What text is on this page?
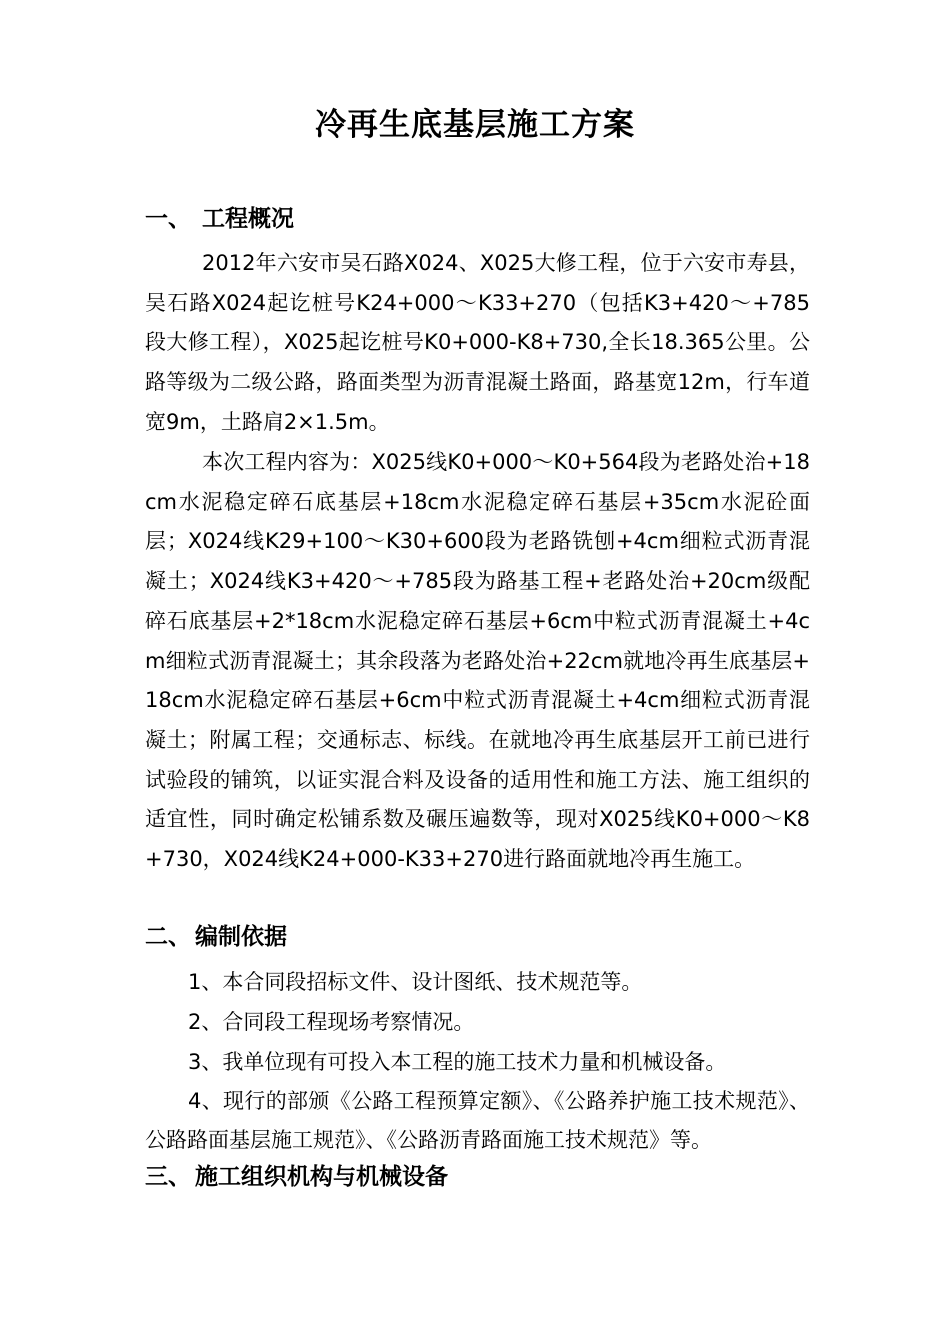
冷再生底基层施工方案
一、 工程概况

2012年六安市吴石路X024、X025大修工程，位于六安市寿县，吴石路X024起讫桩号K24+000～K33+270（包括K3+420～+785段大修工程），X025起讫桩号K0+000-K8+730,全长18.365公里。公路等级为二级公路，路面类型为沥青混凝土路面，路基宽12m，行车道宽9m，土路肩2×1.5m。

本次工程内容为：X025线K0+000～K0+564段为老路处治+18cm水泥稳定碎石底基层+18cm水泥稳定碎石基层+35cm水泥砼面层；X024线K29+100～K30+600段为老路铣刨+4cm细粒式沥青混凝土；X024线K3+420～+785段为路基工程+老路处治+20cm级配碎石底基层+2*18cm水泥稳定碎石基层+6cm中粒式沥青混凝土+4cm细粒式沥青混凝土；其余段落为老路处治+22cm就地冷再生底基层+18cm水泥稳定碎石基层+6cm中粒式沥青混凝土+4cm细粒式沥青混凝土；附属工程；交通标志、标线。在就地冷再生底基层开工前已进行试验段的铺筑，以证实混合料及设备的适用性和施工方法、施工组织的适宜性，同时确定松铺系数及碾压遍数等，现对X025线K0+000～K8+730，X024线K24+000-K33+270进行路面就地冷再生施工。

二、 编制依据

1、本合同段招标文件、设计图纸、技术规范等。

2、合同段工程现场考察情况。

3、我单位现有可投入本工程的施工技术力量和机械设备。

4、现行的部颁《公路工程预算定额》、《公路养护施工技术规范》、公路路面基层施工规范》、《公路沥青路面施工技术规范》等。

三、 施工组织机构与机械设备
